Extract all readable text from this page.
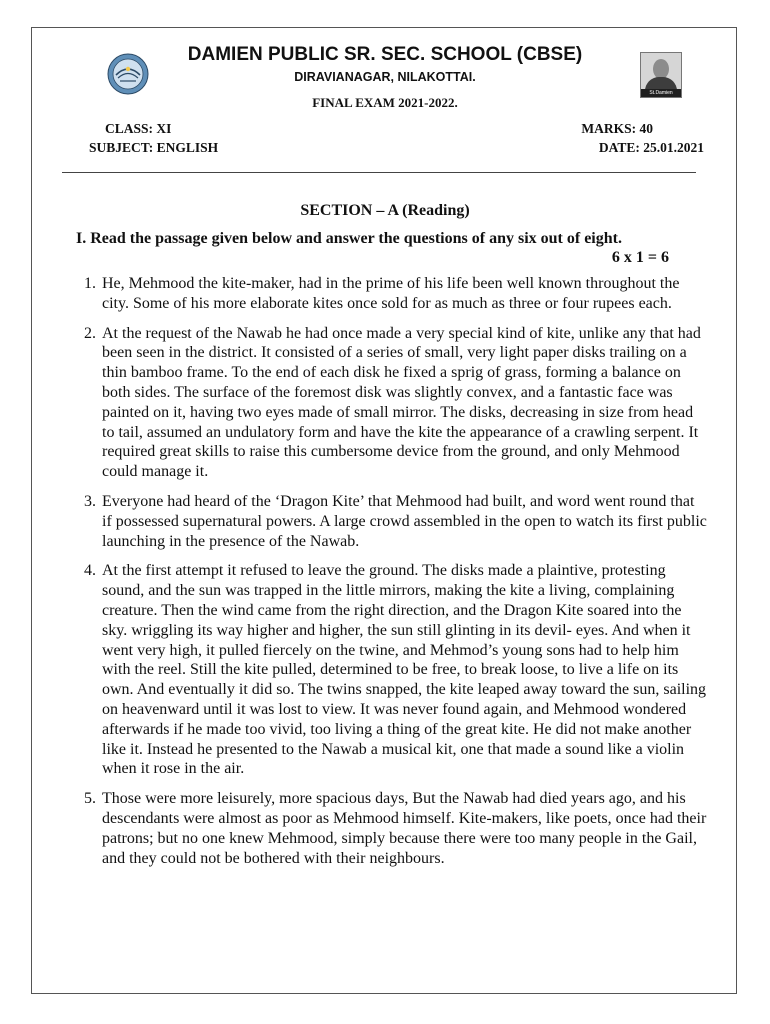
St.Damien
DAMIEN PUBLIC SR. SEC. SCHOOL (CBSE)
DIRAVIANAGAR, NILAKOTTAI.
FINAL EXAM 2021-2022.
CLASS: XI
SUBJECT: ENGLISH
MARKS: 40
DATE: 25.01.2021
SECTION – A (Reading)
I. Read the passage given below and answer the questions of any six out of eight.
6 x 1 = 6
1. He, Mehmood the kite-maker, had in the prime of his life been well known throughout the city. Some of his more elaborate kites once sold for as much as three or four rupees each.
2. At the request of the Nawab he had once made a very special kind of kite, unlike any that had been seen in the district. It consisted of a series of small, very light paper disks trailing on a thin bamboo frame. To the end of each disk he fixed a sprig of grass, forming a balance on both sides. The surface of the foremost disk was slightly convex, and a fantastic face was painted on it, having two eyes made of small mirror. The disks, decreasing in size from head to tail, assumed an undulatory form and have the kite the appearance of a crawling serpent. It required great skills to raise this cumbersome device from the ground, and only Mehmood could manage it.
3. Everyone had heard of the ‘Dragon Kite’ that Mehmood had built, and word went round that if possessed supernatural powers. A large crowd assembled in the open to watch its first public launching in the presence of the Nawab.
4. At the first attempt it refused to leave the ground. The disks made a plaintive, protesting sound, and the sun was trapped in the little mirrors, making the kite a living, complaining creature. Then the wind came from the right direction, and the Dragon Kite soared into the sky. wriggling its way higher and higher, the sun still glinting in its devil- eyes. And when it went very high, it pulled fiercely on the twine, and Mehmod’s young sons had to help him with the reel. Still the kite pulled, determined to be free, to break loose, to live a life on its own. And eventually it did so. The twins snapped, the kite leaped away toward the sun, sailing on heavenward until it was lost to view. It was never found again, and Mehmood wondered afterwards if he made too vivid, too living a thing of the great kite. He did not make another like it. Instead he presented to the Nawab a musical kit, one that made a sound like a violin when it rose in the air.
5. Those were more leisurely, more spacious days, But the Nawab had died years ago, and his descendants were almost as poor as Mehmood himself. Kite-makers, like poets, once had their patrons; but no one knew Mehmood, simply because there were too many people in the Gail, and they could not be bothered with their neighbours.
